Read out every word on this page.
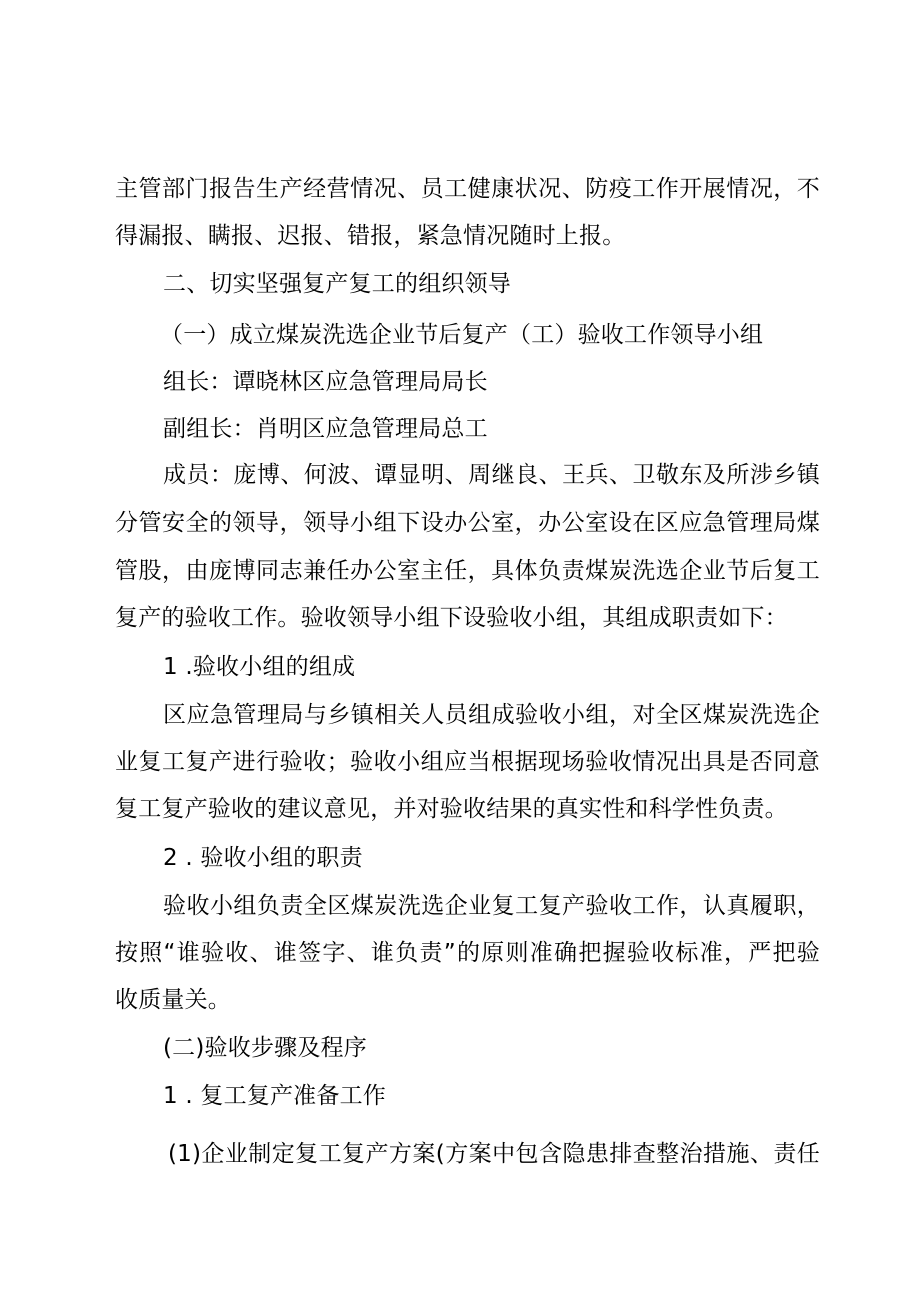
主管部门报告生产经营情况、员工健康状况、防疫工作开展情况，不
得漏报、瞒报、迟报、错报，紧急情况随时上报。
二、切实坚强复产复工的组织领导
（一）成立煤炭洗选企业节后复产（工）验收工作领导小组
组长：谭晓林区应急管理局局长
副组长：肖明区应急管理局总工
成员：庞博、何波、谭显明、周继良、王兵、卫敬东及所涉乡镇
分管安全的领导，领导小组下设办公室，办公室设在区应急管理局煤
管股，由庞博同志兼任办公室主任，具体负责煤炭洗选企业节后复工
复产的验收工作。验收领导小组下设验收小组，其组成职责如下：
1 .验收小组的组成
区应急管理局与乡镇相关人员组成验收小组，对全区煤炭洗选企
业复工复产进行验收；验收小组应当根据现场验收情况出具是否同意
复工复产验收的建议意见，并对验收结果的真实性和科学性负责。
2 . 验收小组的职责
验收小组负责全区煤炭洗选企业复工复产验收工作，认真履职，
按照“谁验收、谁签字、谁负责”的原则准确把握验收标准，严把验
收质量关。
(二)验收步骤及程序
1 . 复工复产准备工作
(1)企业制定复工复产方案(方案中包含隐患排查整治措施、责任
